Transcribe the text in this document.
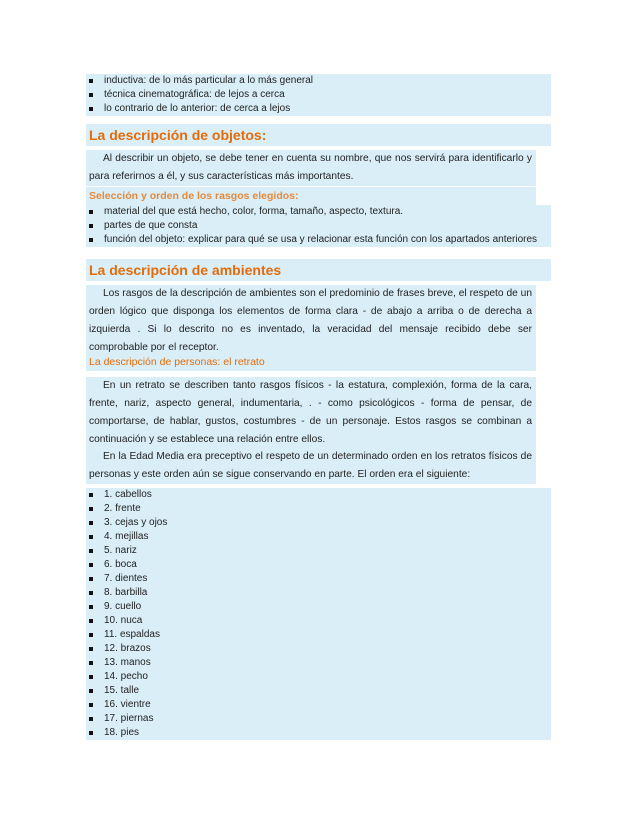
inductiva: de lo más particular a lo más general
técnica cinematográfica: de lejos a cerca
lo contrario de lo anterior: de cerca a lejos
La descripción de objetos:

Al describir un objeto, se debe tener en cuenta su nombre, que nos servirá para identificarlo y para referirnos a él, y sus características más importantes.

Selección y orden de los rasgos elegidos:
material del que está hecho, color, forma, tamaño, aspecto, textura.
partes de que consta
función del objeto: explicar para qué se usa y relacionar esta función con los apartados anteriores
La descripción de ambientes

Los rasgos de la descripción de ambientes son el predominio de frases breve, el respeto de un orden lógico que disponga los elementos de forma clara - de abajo a arriba o de derecha a izquierda . Si lo descrito no es inventado, la veracidad del mensaje recibido debe ser comprobable por el receptor.

La descripción de personas: el retrato

En un retrato se describen tanto rasgos físicos - la estatura, complexión, forma de la cara, frente, nariz, aspecto general, indumentaria, . - como psicológicos - forma de pensar, de comportarse, de hablar, gustos, costumbres - de un personaje. Estos rasgos se combinan a continuación y se establece una relación entre ellos.

En la Edad Media era preceptivo el respeto de un determinado orden en los retratos físicos de personas y este orden aún se sigue conservando en parte. El orden era el siguiente:

1. cabellos
2. frente
3. cejas y ojos
4. mejillas
5. nariz
6. boca
7. dientes
8. barbilla
9. cuello
10. nuca
11. espaldas
12. brazos
13. manos
14. pecho
15. talle
16. vientre
17. piernas
18. pies
